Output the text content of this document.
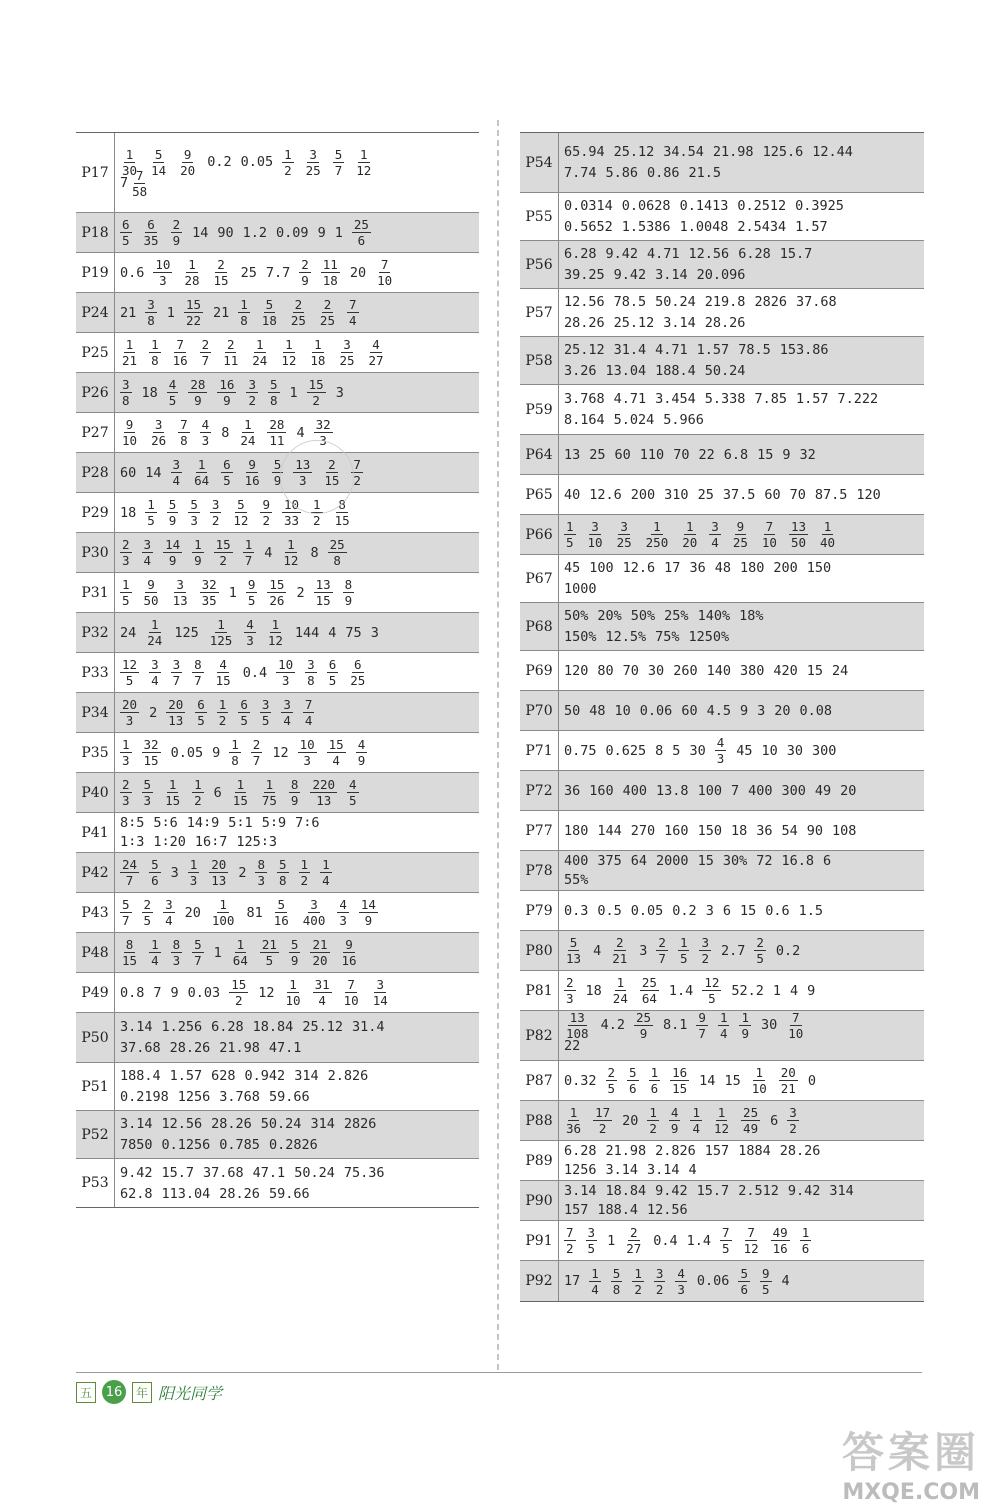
$P17 \frac{1}{30} \frac{5}{14} \frac{9}{20} 0.2$ $0.05 \frac{1}{2} \frac{3}{25} \frac{5}{7} \frac{1}{12}$
$7 \frac{7}{58}$
$P18 \frac{6}{5} \frac{6}{35} \frac{2}{9} 14$ 90 1.2 0.09 9 $1 \frac{25}{6}$
P19 $0.6 \frac{10}{3} \frac{1}{28} \frac{2}{15} 25$ $7.7 \frac{2}{9} \frac{11}{18} 20 \frac{7}{10}$
P24 $21 \frac{3}{8} 1 \frac{15}{22} 21 \frac{1}{8} \frac{5}{18} \frac{2}{25} \frac{2}{25} \frac{7}{4}$
$P25 \frac{1}{21} \frac{1}{8} \frac{7}{16} \frac{2}{7} \frac{2}{11} \frac{1}{24} \frac{1}{12} \frac{1}{18} \frac{3}{25} \frac{4}{27}$
$P26 \frac{3}{8} 18 \frac{4}{5} \frac{28}{9} \frac{16}{9} \frac{3}{2} \frac{5}{8} 1 \frac{15}{2} 3$
$P27 \frac{9}{10} \frac{3}{26} \frac{7}{8} \frac{4}{3} 8 \frac{1}{24} \frac{28}{11} 4 \frac{32}{3}$
P28 60 $14 \frac{3}{4} \frac{1}{64} \frac{6}{5} \frac{9}{16} \frac{5}{9} \frac{13}{3} \frac{2}{15} \frac{7}{2}$
P29 $18 \frac{1}{5} \frac{5}{9} \frac{5}{3} \frac{3}{2} \frac{5}{12} \frac{9}{2} \frac{10}{33} \frac{1}{2} \frac{8}{15}$
$P30 \frac{2}{3} \frac{3}{4} \frac{14}{9} \frac{1}{9} \frac{15}{2} \frac{1}{7} 4 \frac{1}{12} 8 \frac{25}{8}$
$P31 \frac{1}{5} \frac{9}{50} \frac{3}{13} \frac{32}{35} 1 \frac{9}{5} \frac{15}{26} 2 \frac{13}{15} \frac{8}{9}$
P32 $24 \frac{1}{24} 125 \frac{1}{125} \frac{4}{3} \frac{1}{12} 144$ 4 75 3
$P33 \frac{12}{5} \frac{3}{4} \frac{3}{7} \frac{8}{7} \frac{4}{15} 0.4 \frac{10}{3} \frac{3}{8} \frac{6}{5} \frac{6}{25}$
$P34 \frac{20}{3} 2 \frac{20}{13} \frac{6}{5} \frac{1}{2} \frac{6}{5} \frac{3}{5} \frac{3}{4} \frac{7}{4}$
$P35 \frac{1}{3} \frac{32}{15} 0.05$ $9 \frac{1}{8} \frac{2}{7} 12 \frac{10}{3} \frac{15}{4} \frac{4}{9}$
$P40 \frac{2}{3} \frac{5}{3} \frac{1}{15} \frac{1}{2} 6 \frac{1}{15} \frac{1}{75} \frac{8}{9} \frac{220}{13} \frac{4}{5}$
P41
8∶5 5∶6 14∶9 5∶1 5∶9 7∶6
1∶3 1∶20 16∶7 125∶3
$P42 \frac{24}{7} \frac{5}{6} 3 \frac{1}{3} \frac{20}{13} 2 \frac{8}{3} \frac{5}{8} \frac{1}{2} \frac{1}{4}$
$P43 \frac{5}{7} \frac{2}{5} \frac{3}{4} 20 \frac{1}{100} 81 \frac{5}{16} \frac{3}{400} \frac{4}{3} \frac{14}{9}$
$P48 \frac{8}{15} \frac{1}{4} \frac{8}{3} \frac{5}{7} 1 \frac{1}{64} \frac{21}{5} \frac{5}{9} \frac{21}{20} \frac{9}{16}$
P49 0.8 7 9 $0.03 \frac{15}{2} 12 \frac{1}{10} \frac{31}{4} \frac{7}{10} \frac{3}{14}$
P50
3.14 1.256 6.28 18.84 25.12 31.4
37.68 28.26 21.98 47.1
P51
188.4 1.57 628 0.942 314 2.826
0.2198 1256 3.768 59.66
P52
3.14 12.56 28.26 50.24 314 2826
7850 0.1256 0.785 0.2826
P53
9.42 15.7 37.68 47.1 50.24 75.36
62.8 113.04 28.26 59.66
P54
65.94 25.12 34.54 21.98 125.6 12.44
7.74 5.86 0.86 21.5
P55
0.0314 0.0628 0.1413 0.2512 0.3925
0.5652 1.5386 1.0048 2.5434 1.57
P56
6.28 9.42 4.71 12.56 6.28 15.7
39.25 9.42 3.14 20.096
P57
12.56 78.5 50.24 219.8 2826 37.68
28.26 25.12 3.14 28.26
P58
25.12 31.4 4.71 1.57 78.5 153.86
3.26 13.04 188.4 50.24
P59
3.768 4.71 3.454 5.338 7.85 1.57 7.222
8.164 5.024 5.966
P64 13 25 60 110 70 22 6.8 15 9 32
P65 40 12.6 200 310 25 37.5 60 70 87.5 120
$P66 \frac{1}{5} \frac{3}{10} \frac{3}{25} \frac{1}{250} \frac{1}{20} \frac{3}{4} \frac{9}{25} \frac{7}{10} \frac{13}{50} \frac{1}{40}$
P67
45 100 12.6 17 36 48 180 200 150
1000
P68
50% 20% 50% 25% 140% 18%
150% 12.5% 75% 1250%
P69 120 80 70 30 260 140 380 420 15 24
P70 50 48 10 0.06 60 4.5 9 3 20 0.08
P71 0.75 0.625 8 5 $30 \frac{4}{3} 45$ 10 30 300
P72 36 160 400 13.8 100 7 400 300 49 20
P77 180 144 270 160 150 18 36 54 90 108
P78
400 375 64 2000 15 30% 72 16.8 6
55%
P79 0.3 0.5 0.05 0.2 3 6 15 0.6 1.5
$P80 \frac{5}{13} 4 \frac{2}{21} 3 \frac{2}{7} \frac{1}{5} \frac{3}{2} 2.7 \frac{2}{5} 0.2$
$P81 \frac{2}{3} 18 \frac{1}{24} \frac{25}{64} 1.4 \frac{12}{5} 52.2$ 1 4 9
$P82 \frac{13}{108} 4.2 \frac{25}{9} 8.1 \frac{9}{7} \frac{1}{4} \frac{1}{9} 30 \frac{7}{10}$
22
P87 $0.32 \frac{2}{5} \frac{5}{6} \frac{1}{6} \frac{16}{15} 14$ $15 \frac{1}{10} \frac{20}{21} 0$
$P88 \frac{1}{36} \frac{17}{2} 20 \frac{1}{2} \frac{4}{9} \frac{1}{4} \frac{1}{12} \frac{25}{49} 6 \frac{3}{2}$
P89
6.28 21.98 2.826 157 1884 28.26
1256 3.14 3.14 4
P90
3.14 18.84 9.42 15.7 2.512 9.42 314
157 188.4 12.56
$P91 \frac{7}{2} \frac{3}{5} 1 \frac{2}{27} 0.4$ $1.4 \frac{7}{5} \frac{7}{12} \frac{49}{16} \frac{1}{6}$
P92 $17 \frac{1}{4} \frac{5}{8} \frac{1}{2} \frac{3}{2} \frac{4}{3} 0.06 \frac{5}{6} \frac{9}{5} 4$
五	16	年 阳光同学
答案圈
MXQE.COM
